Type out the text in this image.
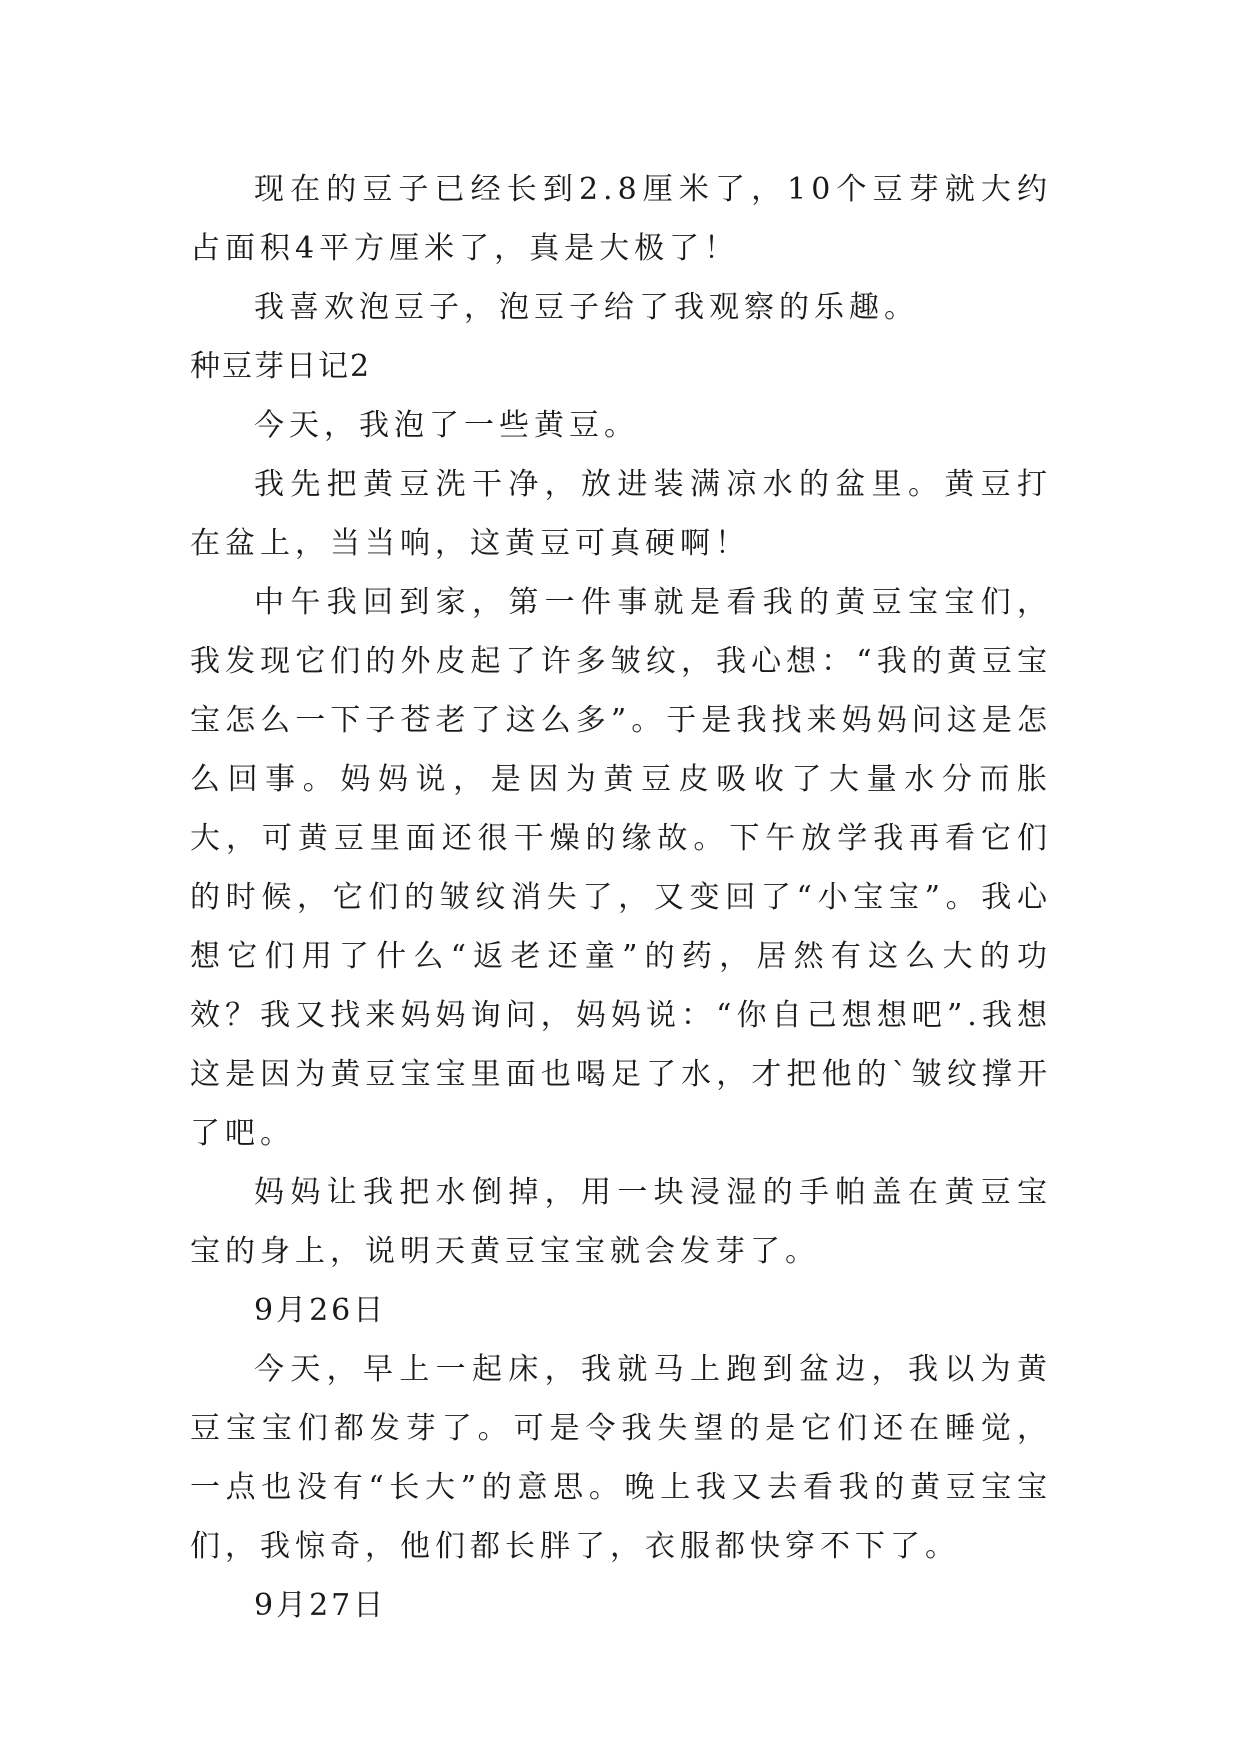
现在的豆子已经长到2.8厘米了，10个豆芽就大约占面积4平方厘米了，真是大极了！

我喜欢泡豆子，泡豆子给了我观察的乐趣。

种豆芽日记2

今天，我泡了一些黄豆。

我先把黄豆洗干净，放进装满凉水的盆里。黄豆打在盆上，当当响，这黄豆可真硬啊！

中午我回到家，第一件事就是看我的黄豆宝宝们，我发现它们的外皮起了许多皱纹，我心想：“我的黄豆宝宝怎么一下子苍老了这么多”。于是我找来妈妈问这是怎么回事。妈妈说，是因为黄豆皮吸收了大量水分而胀大，可黄豆里面还很干燥的缘故。下午放学我再看它们的时候，它们的皱纹消失了，又变回了“小宝宝”。我心想它们用了什么“返老还童”的药，居然有这么大的功效？我又找来妈妈询问，妈妈说：“你自己想想吧”.我想这是因为黄豆宝宝里面也喝足了水，才把他的`皱纹撑开了吧。

妈妈让我把水倒掉，用一块浸湿的手帕盖在黄豆宝宝的身上，说明天黄豆宝宝就会发芽了。

9月26日

今天，早上一起床，我就马上跑到盆边，我以为黄豆宝宝们都发芽了。可是令我失望的是它们还在睡觉，一点也没有“长大”的意思。晚上我又去看我的黄豆宝宝们，我惊奇，他们都长胖了，衣服都快穿不下了。

9月27日
